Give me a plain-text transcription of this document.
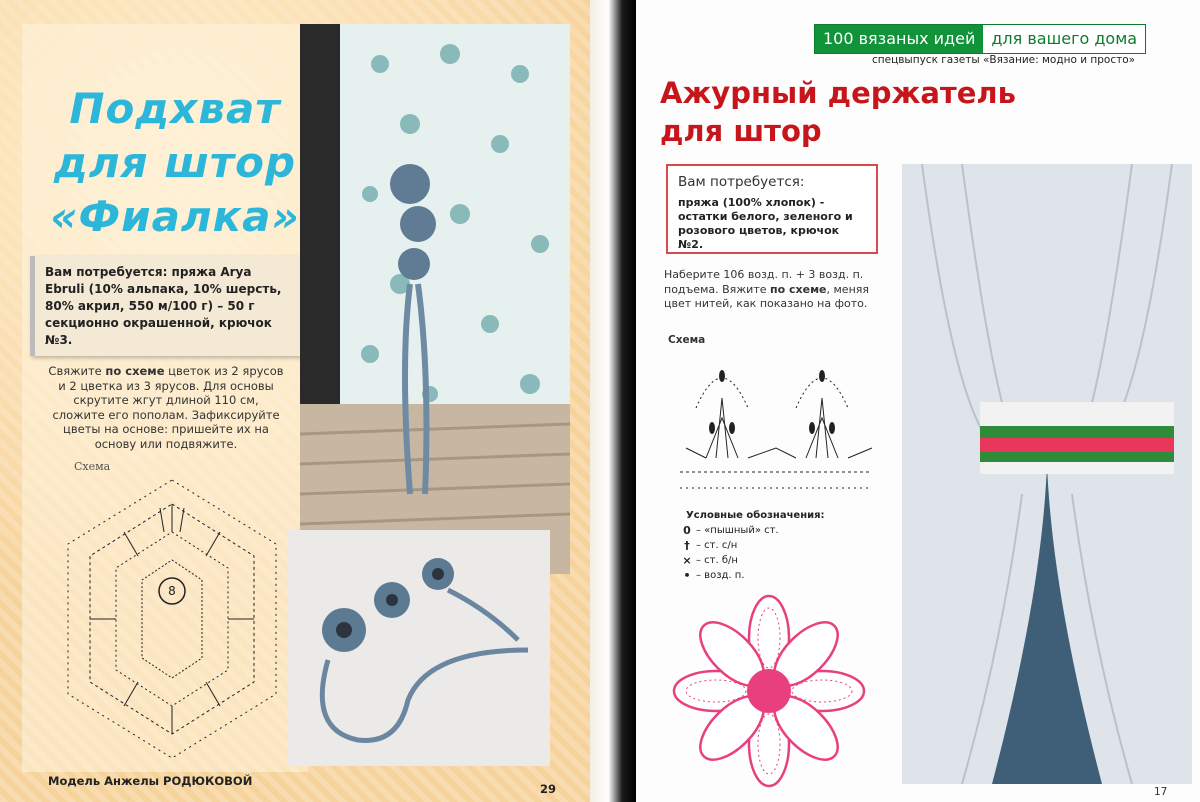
Подхват
для штор
«Фиалка»
Вам потребуется: пряжа Arya Ebruli (10% альпака, 10% шерсть, 80% акрил, 550 м/100 г) – 50 г секционно окрашенной, крючок №3.
Свяжите по схеме цветок из 2 ярусов и 2 цветка из 3 ярусов. Для основы скрутите жгут длиной 110 см, сложите его пополам. Зафиксируйте цветы на основе: пришейте их на основу или подвяжите.
Схема
8
Модель Анжелы РОДЮКОВОЙ
29
100 вязаных идей	для вашего дома
спецвыпуск газеты «Вязание: модно и просто»
Ажурный держатель
для штор
Вам потребуется:
пряжа (100% хлопок) - остатки белого, зеленого и розового цветов, крючок №2.
Наберите 106 возд. п. + 3 возд. п. подъема. Вяжите по схеме, меняя цвет нитей, как показано на фото.
Схема
Условные обозначения:
0 – «пышный» ст.
† – ст. с/н
× – ст. б/н
• – возд. п.
17
